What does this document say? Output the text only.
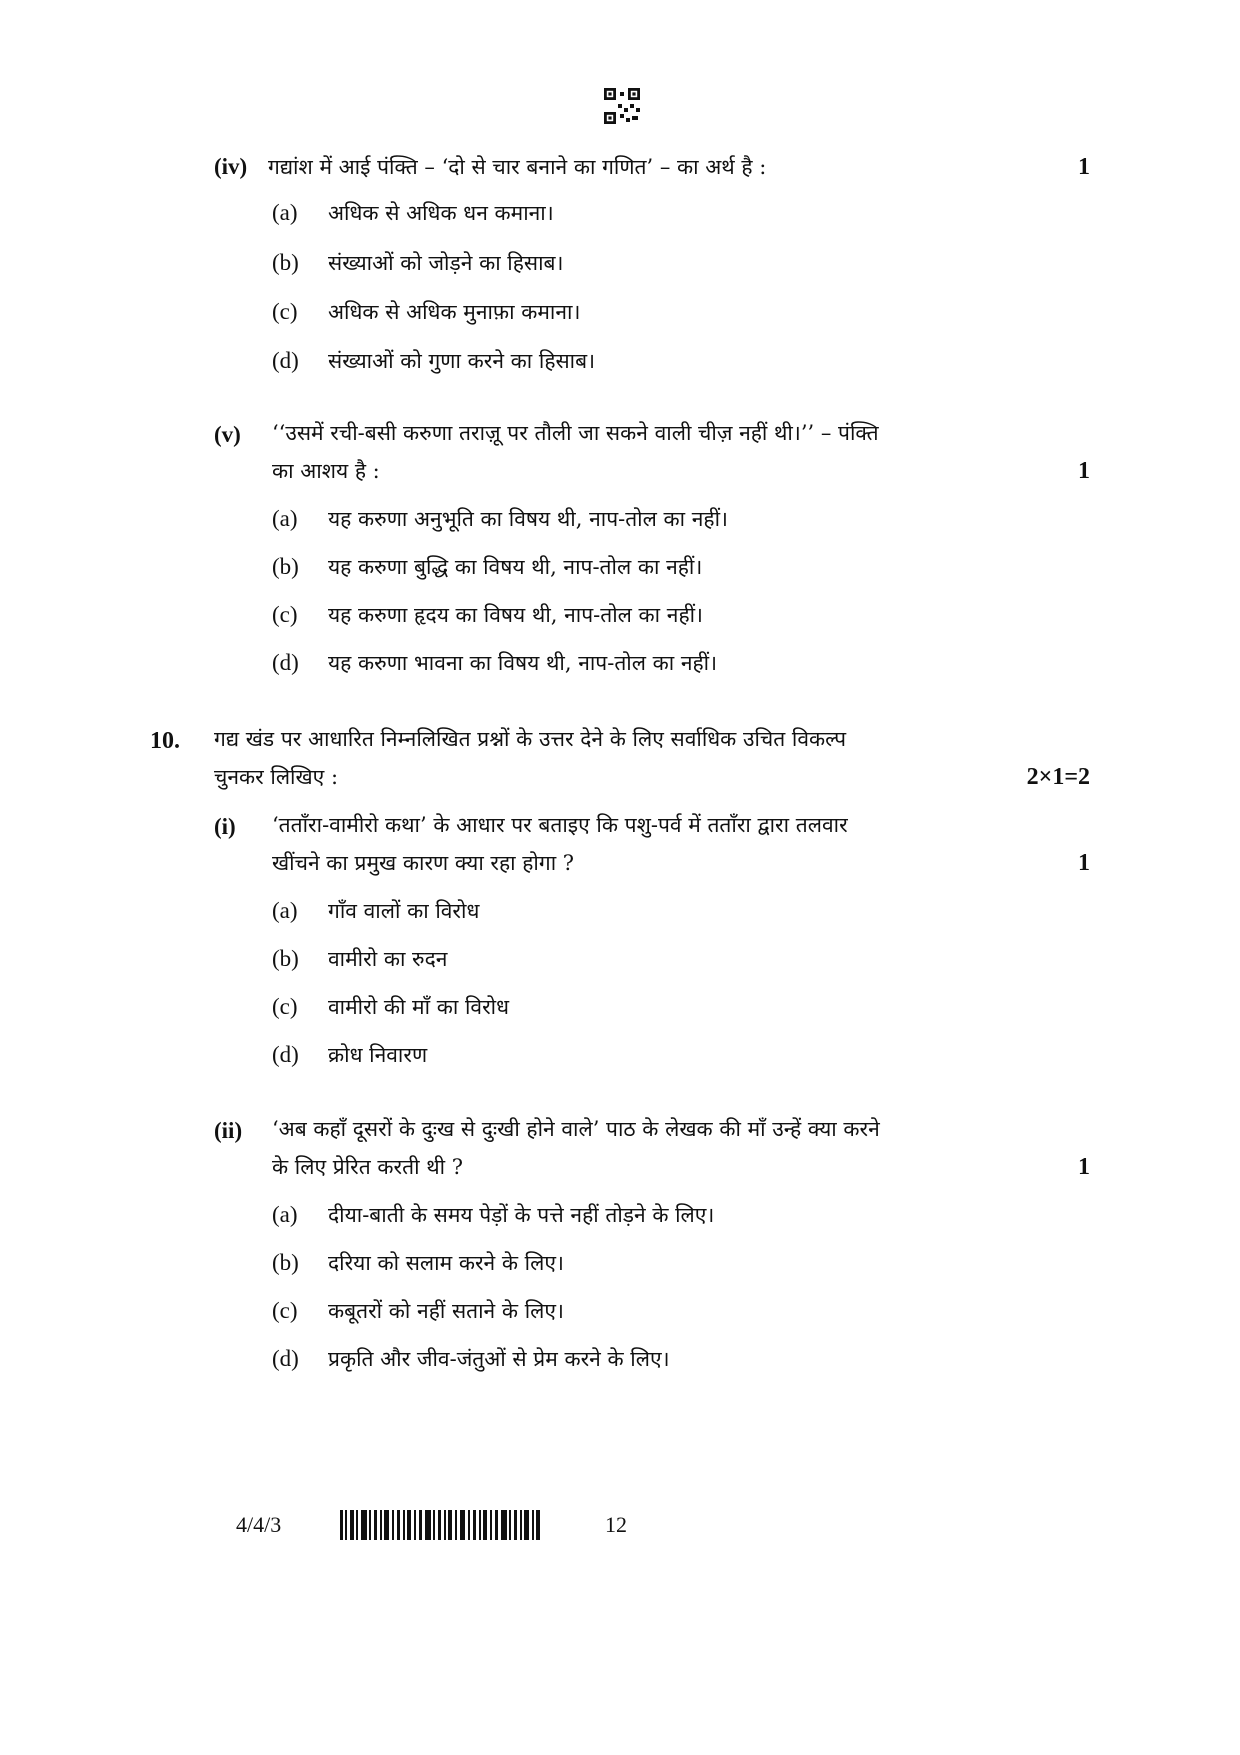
(iv) गद्यांश में आई पंक्ति – ‘दो से चार बनाने का गणित’ – का अर्थ है :	1
(a) अधिक से अधिक धन कमाना।
(b) संख्याओं को जोड़ने का हिसाब।
(c) अधिक से अधिक मुनाफ़ा कमाना।
(d) संख्याओं को गुणा करने का हिसाब।
(v) ‘‘उसमें रची-बसी करुणा तराज़ू पर तौली जा सकने वाली चीज़ नहीं थी।’’ – पंक्ति
का आशय है :	1
(a) यह करुणा अनुभूति का विषय थी, नाप-तोल का नहीं।
(b) यह करुणा बुद्धि का विषय थी, नाप-तोल का नहीं।
(c) यह करुणा हृदय का विषय थी, नाप-तोल का नहीं।
(d) यह करुणा भावना का विषय थी, नाप-तोल का नहीं।
10. गद्य खंड पर आधारित निम्नलिखित प्रश्नों के उत्तर देने के लिए सर्वाधिक उचित विकल्प
चुनकर लिखिए :	2×1=2
(i) ‘तताँरा-वामीरो कथा’ के आधार पर बताइए कि पशु-पर्व में तताँरा द्वारा तलवार
खींचने का प्रमुख कारण क्या रहा होगा ?	1
(a) गाँव वालों का विरोध
(b) वामीरो का रुदन
(c) वामीरो की माँ का विरोध
(d) क्रोध निवारण
(ii) ‘अब कहाँ दूसरों के दुःख से दुःखी होने वाले’ पाठ के लेखक की माँ उन्हें क्या करने
के लिए प्रेरित करती थी ?	1
(a) दीया-बाती के समय पेड़ों के पत्ते नहीं तोड़ने के लिए।
(b) दरिया को सलाम करने के लिए।
(c) कबूतरों को नहीं सताने के लिए।
(d) प्रकृति और जीव-जंतुओं से प्रेम करने के लिए।
4/4/3	12
